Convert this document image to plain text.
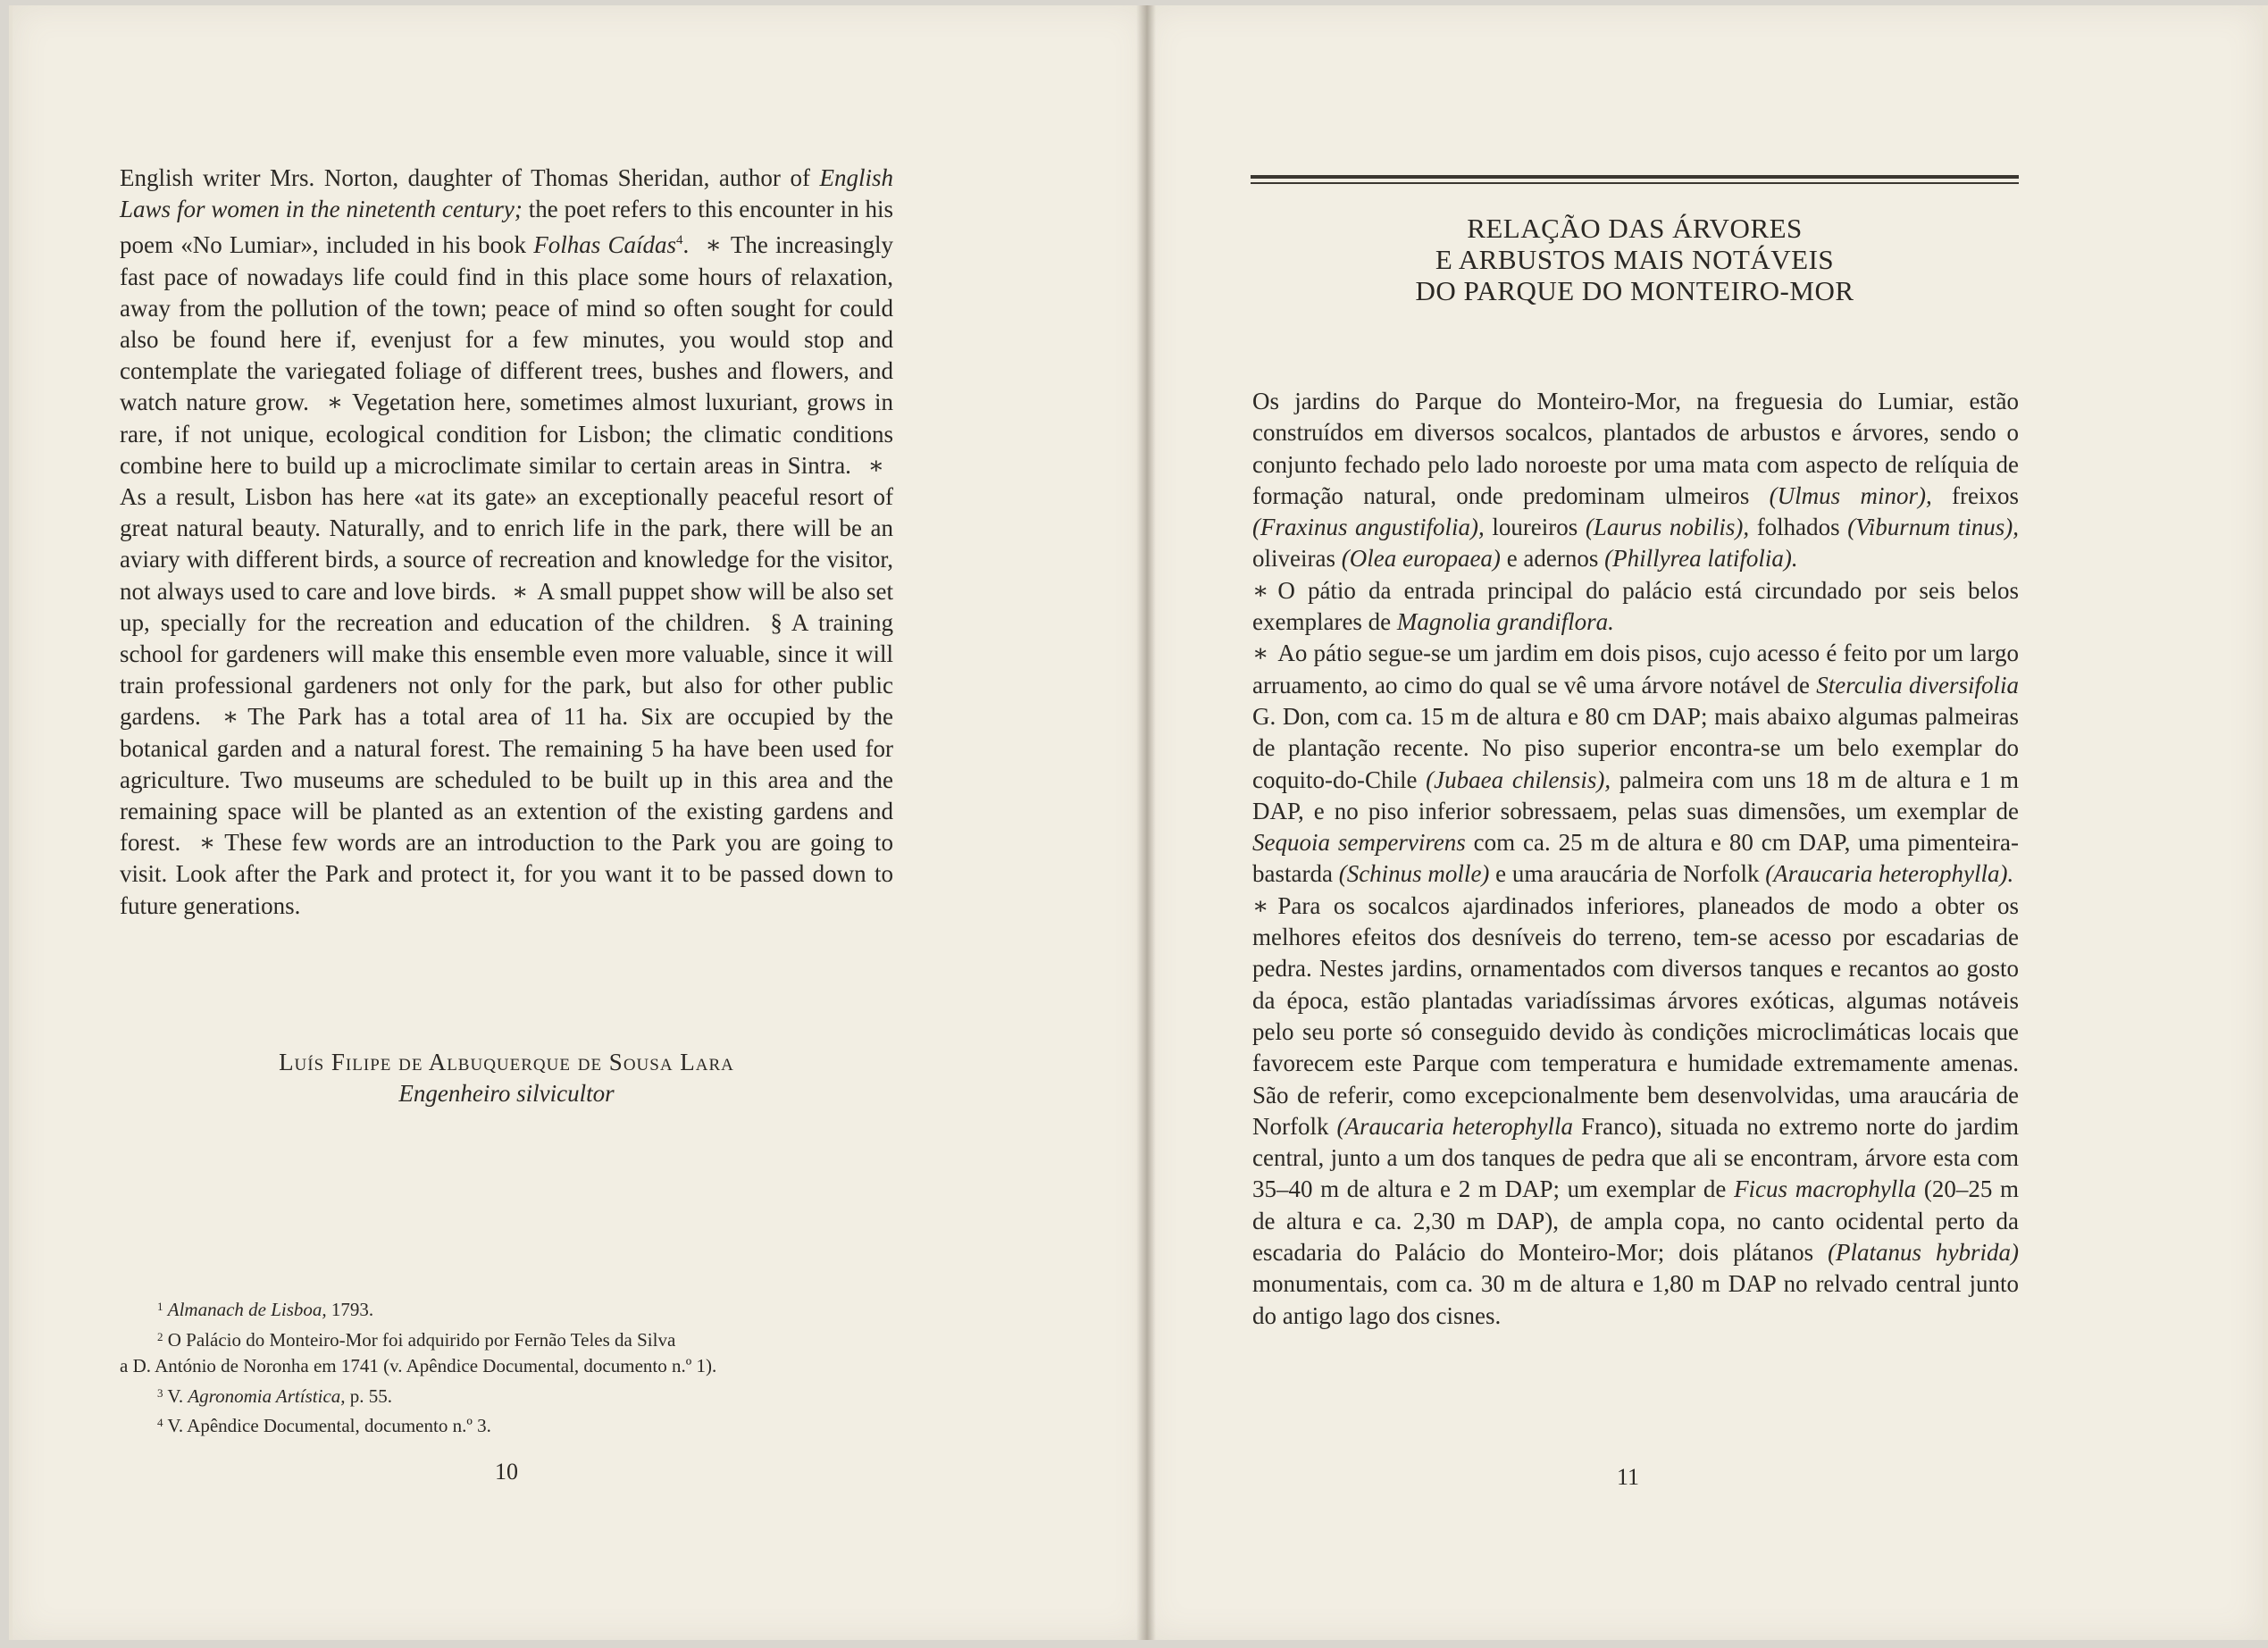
English writer Mrs. Norton, daughter of Thomas Sheridan, author of English Laws for women in the ninetenth century; the poet refers to this encounter in his poem «No Lumiar», included in his book Folhas Caídas$^4$. ∗ The increasingly fast pace of nowadays life could find in this place some hours of relaxation, away from the pollution of the town; peace of mind so often sought for could also be found here if, evenjust for a few minutes, you would stop and contemplate the variegated foliage of different trees, bushes and flowers, and watch nature grow. ∗ Vegetation here, sometimes almost luxuriant, grows in rare, if not unique, ecological condition for Lisbon; the climatic conditions combine here to build up a microclimate similar to certain areas in Sintra. ∗As a result, Lisbon has here «at its gate» an exceptionally peaceful resort of great natural beauty. Naturally, and to enrich life in the park, there will be an aviary with different birds, a source of recreation and knowledge for the visitor, not always used to care and love birds. ∗ A small puppet show will be also set up, specially for the recreation and education of the children. § A training school for gardeners will make this ensemble even more valuable, since it will train professional gardeners not only for the park, but also for other public gardens. ∗ The Park has a total area of 11 ha. Six are occupied by the botanical garden and a natural forest. The remaining 5 ha have been used for agriculture. Two museums are scheduled to be built up in this area and the remaining space will be planted as an extention of the existing gardens and forest. ∗ These few words are an introduction to the Park you are going to visit. Look after the Park and protect it, for you want it to be passed down to future generations.

Luís Filipe de Albuquerque de Sousa Lara
Engenheiro silvicultor
$^1$ Almanach de Lisboa, 1793.
$^2$ O Palácio do Monteiro-Mor foi adquirido por Fernão Teles da Silva
a D. António de Noronha em 1741 (v. Apêndice Documental, documento n.º 1).
$^3$ V. Agronomia Artística, p. 55.
$^4$ V. Apêndice Documental, documento n.º 3.
10
RELAÇÃO DAS ÁRVORES
E ARBUSTOS MAIS NOTÁVEIS
DO PARQUE DO MONTEIRO-MOR

Os jardins do Parque do Monteiro-Mor, na freguesia do Lumiar, estão construídos em diversos socalcos, plantados de arbustos e árvores, sendo o conjunto fechado pelo lado noroeste por uma mata com aspecto de relíquia de formação natural, onde predominam ulmeiros (Ulmus minor), freixos (Fraxinus angustifolia), loureiros (Laurus nobilis), folhados (Viburnum tinus), oliveiras (Olea europaea) e adernos (Phillyrea latifolia).

∗ O pátio da entrada principal do palácio está circundado por seis belos exemplares de Magnolia grandiflora.

∗ Ao pátio segue-se um jardim em dois pisos, cujo acesso é feito por um largo arruamento, ao cimo do qual se vê uma árvore notável de Sterculia diversifolia G. Don, com ca. 15 m de altura e 80 cm DAP; mais abaixo algumas palmeiras de plantação recente. No piso superior encontra-se um belo exemplar do coquito-do-Chile (Jubaea chilensis), palmeira com uns 18 m de altura e 1 m DAP, e no piso inferior sobressaem, pelas suas dimensões, um exemplar de Sequoia sempervirens com ca. 25 m de altura e 80 cm DAP, uma pimenteira-bastarda (Schinus molle) e uma araucária de Norfolk (Araucaria heterophylla).

∗ Para os socalcos ajardinados inferiores, planeados de modo a obter os melhores efeitos dos desníveis do terreno, tem-se acesso por escadarias de pedra. Nestes jardins, ornamentados com diversos tanques e recantos ao gosto da época, estão plantadas variadíssimas árvores exóticas, algumas notáveis pelo seu porte só conseguido devido às condições microclimáticas locais que favorecem este Parque com temperatura e humidade extremamente amenas. São de referir, como excepcionalmente bem desenvolvidas, uma araucária de Norfolk (Araucaria heterophylla Franco), situada no extremo norte do jardim central, junto a um dos tanques de pedra que ali se encontram, árvore esta com 35–40 m de altura e 2 m DAP; um exemplar de Ficus macrophylla (20–25 m de altura e ca. 2,30 m DAP), de ampla copa, no canto ocidental perto da escadaria do Palácio do Monteiro-Mor; dois plátanos (Platanus hybrida) monumentais, com ca. 30 m de altura e 1,80 m DAP no relvado central junto do antigo lago dos cisnes.

11
